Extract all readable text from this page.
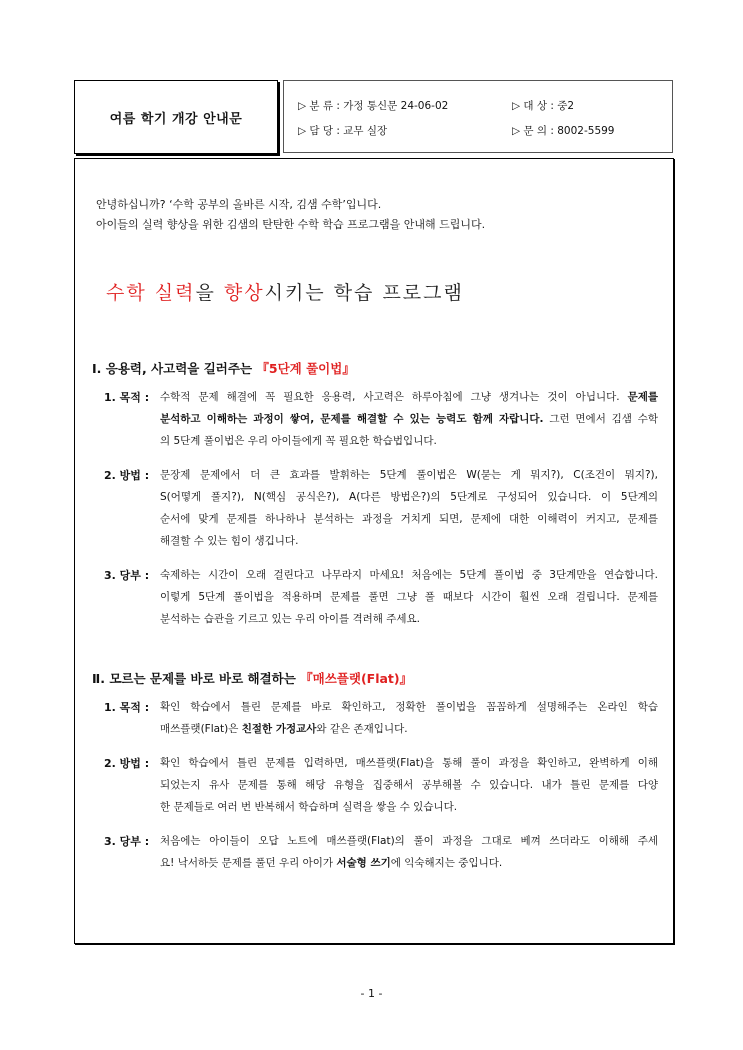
여름 학기 개강 안내문
▷ 분 류 : 가정 통신문 24-06-02	▷ 대 상 : 중2
▷ 담 당 : 교무 실장	▷ 문 의 : 8002-5599
안녕하십니까? ‘수학 공부의 올바른 시작, 김샘 수학’입니다.
아이들의 실력 향상을 위한 김샘의 탄탄한 수학 학습 프로그램을 안내해 드립니다.
수학 실력을 향상시키는 학습 프로그램
Ⅰ. 응용력, 사고력을 길러주는 『5단계 풀이법』
1. 목적 : 수학적 문제 해결에 꼭 필요한 응용력, 사고력은 하루아침에 그냥 생겨나는 것이 아닙니다. 문제를
분석하고 이해하는 과정이 쌓여, 문제를 해결할 수 있는 능력도 함께 자랍니다. 그런 면에서 김샘 수학
의 5단계 풀이법은 우리 아이들에게 꼭 필요한 학습법입니다.
2. 방법 : 문장제 문제에서 더 큰 효과를 발휘하는 5단계 풀이법은 W(묻는 게 뭐지?), C(조건이 뭐지?),
S(어떻게 풀지?), N(핵심 공식은?), A(다른 방법은?)의 5단계로 구성되어 있습니다. 이 5단계의
순서에 맞게 문제를 하나하나 분석하는 과정을 거치게 되면, 문제에 대한 이해력이 커지고, 문제를
해결할 수 있는 힘이 생깁니다.
3. 당부 : 숙제하는 시간이 오래 걸린다고 나무라지 마세요! 처음에는 5단계 풀이법 중 3단계만을 연습합니다.
이렇게 5단계 풀이법을 적용하며 문제를 풀면 그냥 풀 때보다 시간이 훨씬 오래 걸립니다. 문제를
분석하는 습관을 기르고 있는 우리 아이를 격려해 주세요.
Ⅱ. 모르는 문제를 바로 바로 해결하는 『매쓰플랫(Flat)』
1. 목적 : 확인 학습에서 틀린 문제를 바로 확인하고, 정확한 풀이법을 꼼꼼하게 설명해주는 온라인 학습
매쓰플랫(Flat)은 친절한 가정교사와 같은 존재입니다.
2. 방법 : 확인 학습에서 틀린 문제를 입력하면, 매쓰플랫(Flat)을 통해 풀이 과정을 확인하고, 완벽하게 이해
되었는지 유사 문제를 통해 해당 유형을 집중해서 공부해볼 수 있습니다. 내가 틀린 문제를 다양
한 문제들로 여러 번 반복해서 학습하며 실력을 쌓을 수 있습니다.
3. 당부 : 처음에는 아이들이 오답 노트에 매쓰플랫(Flat)의 풀이 과정을 그대로 베껴 쓰더라도 이해해 주세
요! 낙서하듯 문제를 풀던 우리 아이가 서술형 쓰기에 익숙해지는 중입니다.
- 1 -
